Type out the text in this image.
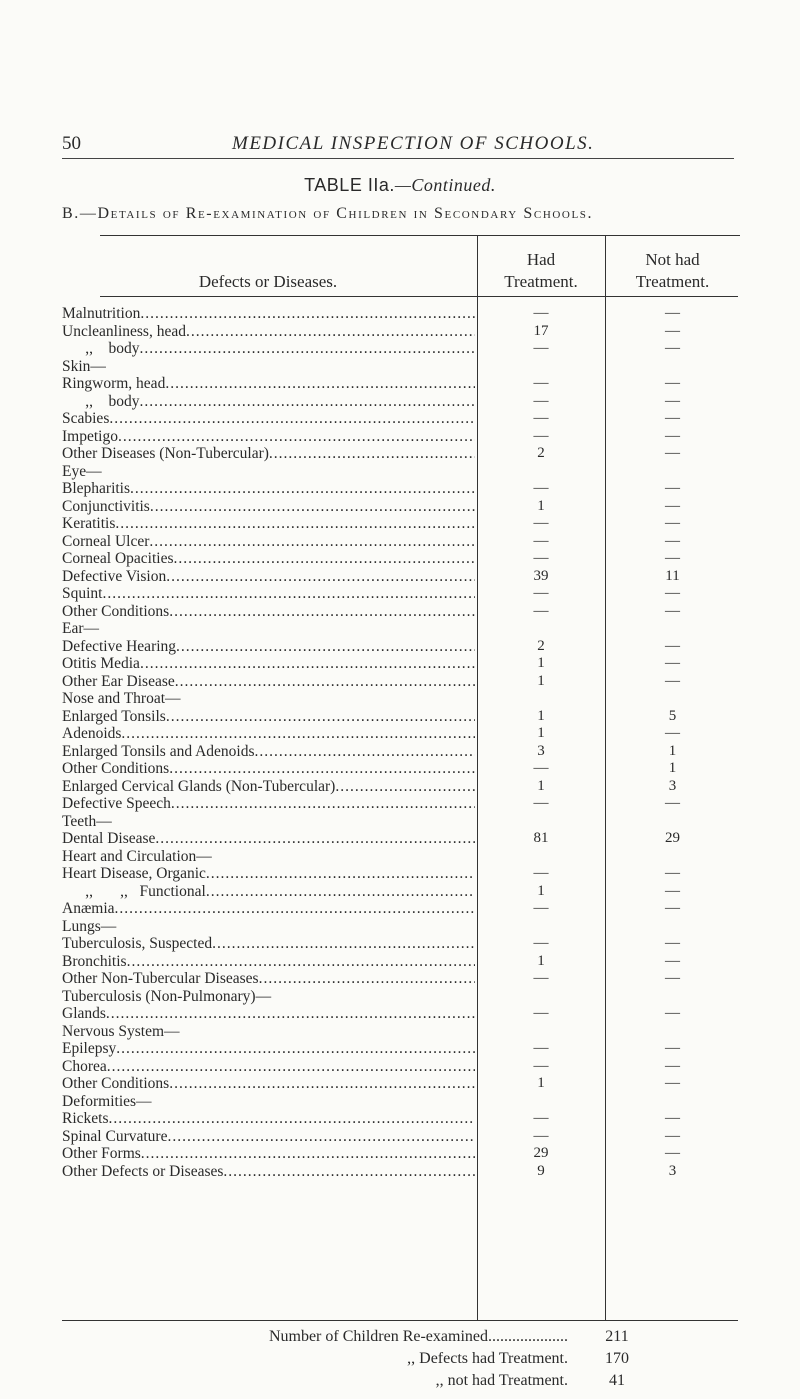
50	MEDICAL INSPECTION OF SCHOOLS.
TABLE IIa.—Continued.
B.—Details of Re-examination of Children in Secondary Schools.
Defects or Diseases.
Had
Treatment.
Not had
Treatment.
Malnutrition .....	—	—
Uncleanliness, head .....	17	—
,,    body .....	—	—
Skin—
Ringworm, head .....	—	—
,,    body .....	—	—
Scabies .....	—	—
Impetigo .....	—	—
Other Diseases (Non-Tubercular) .....	2	—
Eye—
Blepharitis .....	—	—
Conjunctivitis .....	1	—
Keratitis .....	—	—
Corneal Ulcer .....	—	—
Corneal Opacities .....	—	—
Defective Vision .....	39	11
Squint .....	—	—
Other Conditions .....	—	—
Ear—
Defective Hearing .....	2	—
Otitis Media .....	1	—
Other Ear Disease .....	1	—
Nose and Throat—
Enlarged Tonsils .....	1	5
Adenoids .....	1	—
Enlarged Tonsils and Adenoids .....	3	1
Other Conditions .....	—	1
Enlarged Cervical Glands (Non-Tubercular) .....	1	3
Defective Speech .....	—	—
Teeth—
Dental Disease .....	81	29
Heart and Circulation—
Heart Disease, Organic .....	—	—
,,       ,,   Functional .....	1	—
Anæmia .....	—	—
Lungs—
Tuberculosis, Suspected .....	—	—
Bronchitis .....	1	—
Other Non-Tubercular Diseases .....	—	—
Tuberculosis (Non-Pulmonary)—
Glands .....	—	—
Nervous System—
Epilepsy .....	—	—
Chorea .....	—	—
Other Conditions .....	1	—
Deformities—
Rickets .....	—	—
Spinal Curvature .....	—	—
Other Forms .....	29	—
Other Defects or Diseases .....	9	3
Number of Children Re-examined....................	211
,, Defects had Treatment.	170
,, not had Treatment.	41
